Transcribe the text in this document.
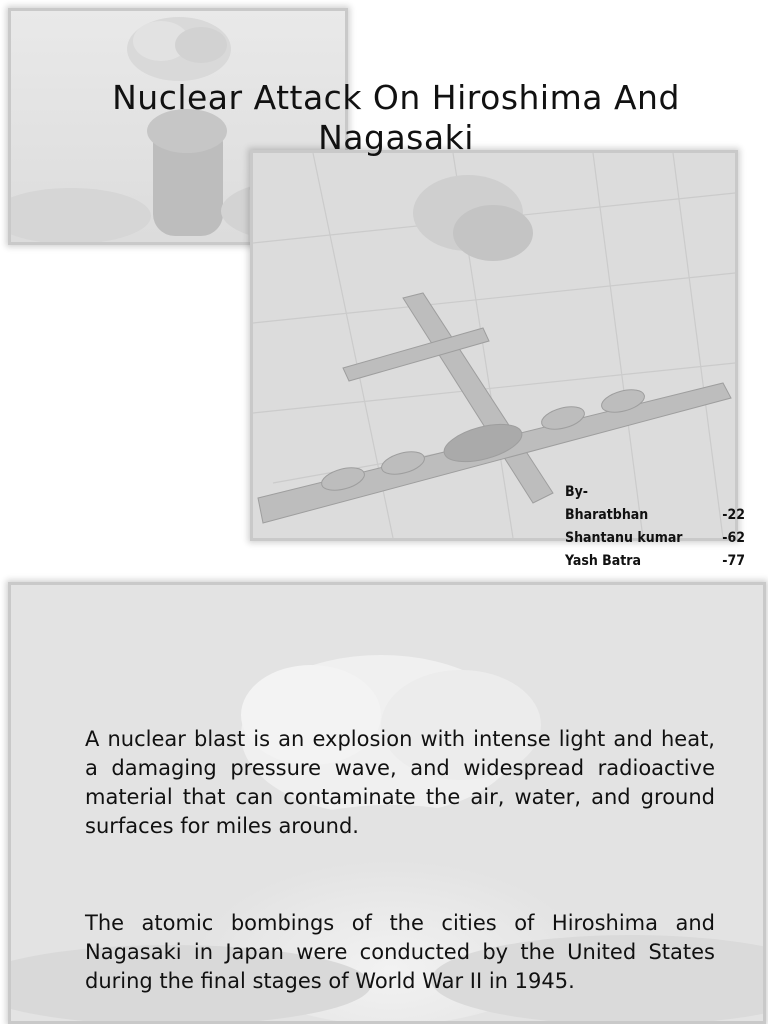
Nuclear Attack On Hiroshima And Nagasaki
By-
Bharatbhan	-22
Shantanu kumar	-62
Yash Batra	-77

A nuclear blast is an explosion with intense light and heat, a damaging pressure wave, and widespread radioactive material that can contaminate the air, water, and ground surfaces for miles around.

The atomic bombings of the cities of Hiroshima and Nagasaki in Japan were conducted by the United States during the final stages of World War II in 1945.
